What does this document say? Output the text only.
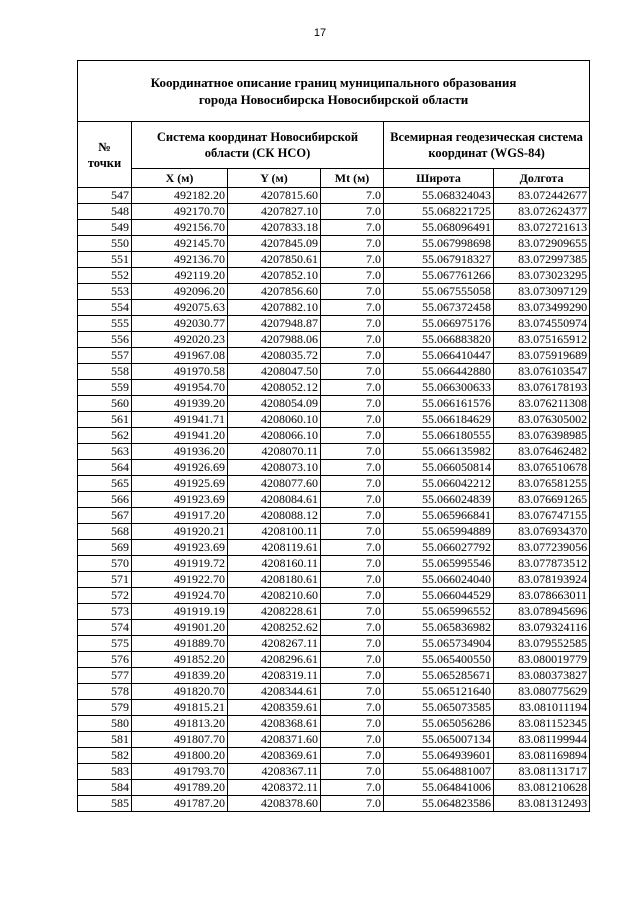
17
Координатное описание границ муниципального образования
города Новосибирска Новосибирской области					
№ точки	Система координат Новосибирской области (СК НСО)			Всемирная геодезическая система координат (WGS-84)	
	X (м)	Y (м)	Mt (м)	Широта	Долгота
547	492182.20	4207815.60	7.0	55.068324043	83.072442677
548	492170.70	4207827.10	7.0	55.068221725	83.072624377
549	492156.70	4207833.18	7.0	55.068096491	83.072721613
550	492145.70	4207845.09	7.0	55.067998698	83.072909655
551	492136.70	4207850.61	7.0	55.067918327	83.072997385
552	492119.20	4207852.10	7.0	55.067761266	83.073023295
553	492096.20	4207856.60	7.0	55.067555058	83.073097129
554	492075.63	4207882.10	7.0	55.067372458	83.073499290
555	492030.77	4207948.87	7.0	55.066975176	83.074550974
556	492020.23	4207988.06	7.0	55.066883820	83.075165912
557	491967.08	4208035.72	7.0	55.066410447	83.075919689
558	491970.58	4208047.50	7.0	55.066442880	83.076103547
559	491954.70	4208052.12	7.0	55.066300633	83.076178193
560	491939.20	4208054.09	7.0	55.066161576	83.076211308
561	491941.71	4208060.10	7.0	55.066184629	83.076305002
562	491941.20	4208066.10	7.0	55.066180555	83.076398985
563	491936.20	4208070.11	7.0	55.066135982	83.076462482
564	491926.69	4208073.10	7.0	55.066050814	83.076510678
565	491925.69	4208077.60	7.0	55.066042212	83.076581255
566	491923.69	4208084.61	7.0	55.066024839	83.076691265
567	491917.20	4208088.12	7.0	55.065966841	83.076747155
568	491920.21	4208100.11	7.0	55.065994889	83.076934370
569	491923.69	4208119.61	7.0	55.066027792	83.077239056
570	491919.72	4208160.11	7.0	55.065995546	83.077873512
571	491922.70	4208180.61	7.0	55.066024040	83.078193924
572	491924.70	4208210.60	7.0	55.066044529	83.078663011
573	491919.19	4208228.61	7.0	55.065996552	83.078945696
574	491901.20	4208252.62	7.0	55.065836982	83.079324116
575	491889.70	4208267.11	7.0	55.065734904	83.079552585
576	491852.20	4208296.61	7.0	55.065400550	83.080019779
577	491839.20	4208319.11	7.0	55.065285671	83.080373827
578	491820.70	4208344.61	7.0	55.065121640	83.080775629
579	491815.21	4208359.61	7.0	55.065073585	83.081011194
580	491813.20	4208368.61	7.0	55.065056286	83.081152345
581	491807.70	4208371.60	7.0	55.065007134	83.081199944
582	491800.20	4208369.61	7.0	55.064939601	83.081169894
583	491793.70	4208367.11	7.0	55.064881007	83.081131717
584	491789.20	4208372.11	7.0	55.064841006	83.081210628
585	491787.20	4208378.60	7.0	55.064823586	83.081312493
